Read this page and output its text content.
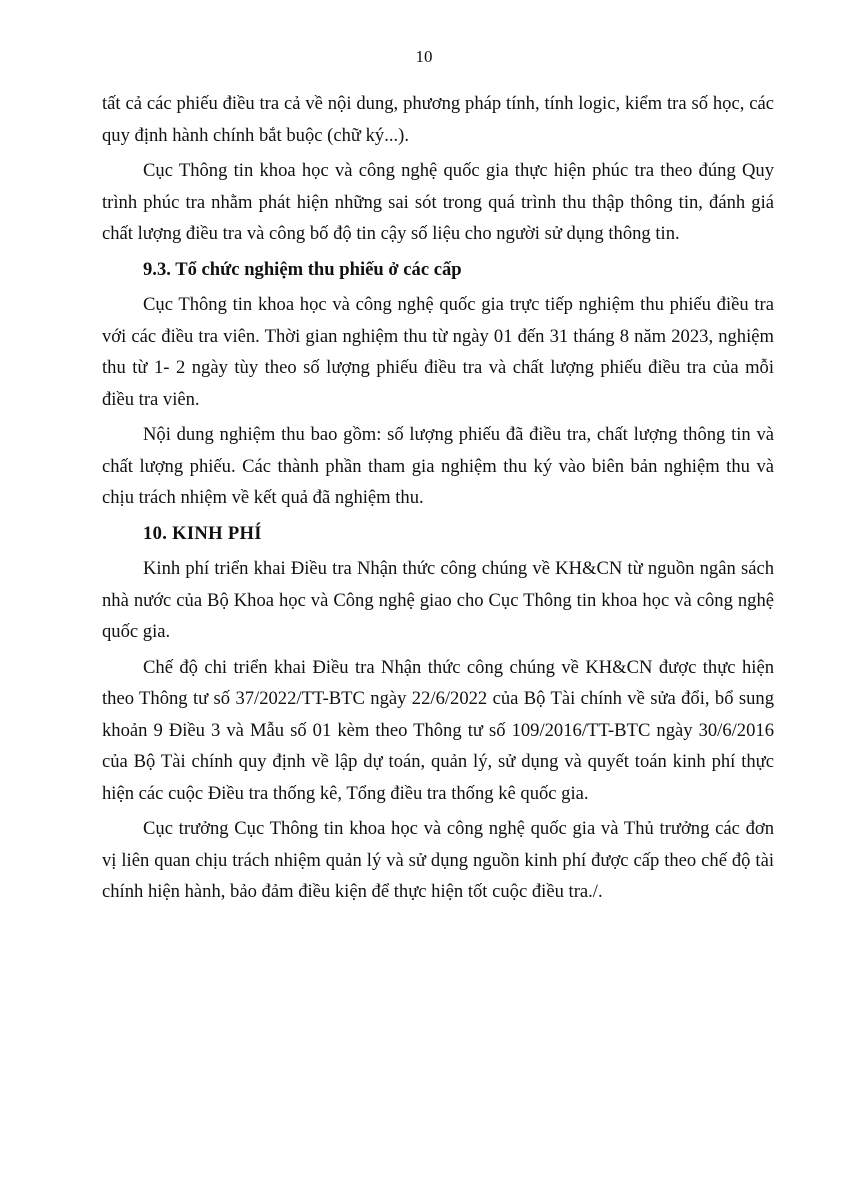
10

tất cả các phiếu điều tra cả về nội dung, phương pháp tính, tính logic, kiểm tra số học, các quy định hành chính bắt buộc (chữ ký...).

Cục Thông tin khoa học và công nghệ quốc gia thực hiện phúc tra theo đúng Quy trình phúc tra nhằm phát hiện những sai sót trong quá trình thu thập thông tin, đánh giá chất lượng điều tra và công bố độ tin cậy số liệu cho người sử dụng thông tin.

9.3. Tổ chức nghiệm thu phiếu ở các cấp

Cục Thông tin khoa học và công nghệ quốc gia trực tiếp nghiệm thu phiếu điều tra với các điều tra viên. Thời gian nghiệm thu từ ngày 01 đến 31 tháng 8 năm 2023, nghiệm thu từ 1- 2 ngày tùy theo số lượng phiếu điều tra và chất lượng phiếu điều tra của mỗi điều tra viên.

Nội dung nghiệm thu bao gồm: số lượng phiếu đã điều tra, chất lượng thông tin và chất lượng phiếu. Các thành phần tham gia nghiệm thu ký vào biên bản nghiệm thu và chịu trách nhiệm về kết quả đã nghiệm thu.

10. KINH PHÍ

Kinh phí triển khai Điều tra Nhận thức công chúng về KH&CN từ nguồn ngân sách nhà nước của Bộ Khoa học và Công nghệ giao cho Cục Thông tin khoa học và công nghệ quốc gia.

Chế độ chi triển khai Điều tra Nhận thức công chúng về KH&CN được thực hiện theo Thông tư số 37/2022/TT-BTC ngày 22/6/2022 của Bộ Tài chính về sửa đổi, bổ sung khoản 9 Điều 3 và Mẫu số 01 kèm theo Thông tư số 109/2016/TT-BTC ngày 30/6/2016 của Bộ Tài chính quy định về lập dự toán, quản lý, sử dụng và quyết toán kinh phí thực hiện các cuộc Điều tra thống kê, Tổng điều tra thống kê quốc gia.

Cục trưởng Cục Thông tin khoa học và công nghệ quốc gia và Thủ trưởng các đơn vị liên quan chịu trách nhiệm quản lý và sử dụng nguồn kinh phí được cấp theo chế độ tài chính hiện hành, bảo đảm điều kiện để thực hiện tốt cuộc điều tra./.
